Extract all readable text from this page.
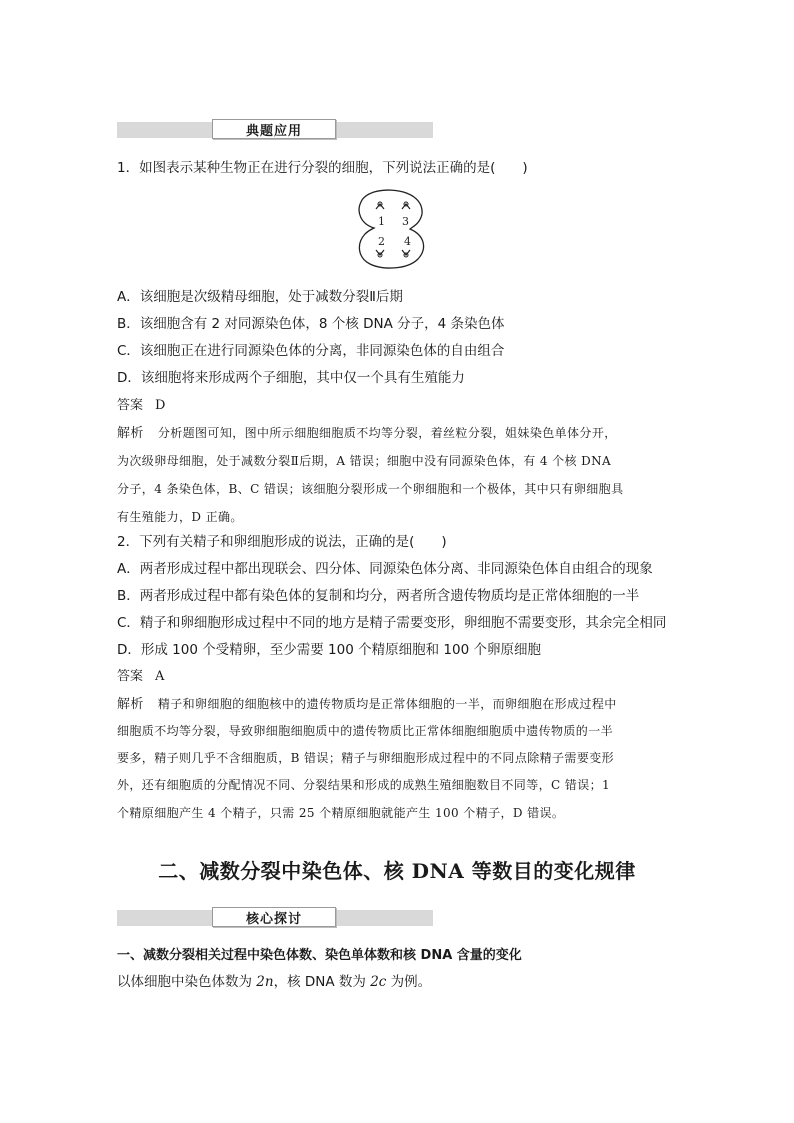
典题应用
1．如图表示某种生物正在进行分裂的细胞，下列说法正确的是(　　)
1 3
2 4
A．该细胞是次级精母细胞，处于减数分裂Ⅱ后期
B．该细胞含有 2 对同源染色体，8 个核 DNA 分子，4 条染色体
C．该细胞正在进行同源染色体的分离，非同源染色体的自由组合
D．该细胞将来形成两个子细胞，其中仅一个具有生殖能力
答案 D
解析 分析题图可知，图中所示细胞细胞质不均等分裂，着丝粒分裂，姐妹染色单体分开，
为次级卵母细胞，处于减数分裂Ⅱ后期，A 错误；细胞中没有同源染色体，有 4 个核 DNA
分子，4 条染色体，B、C 错误；该细胞分裂形成一个卵细胞和一个极体，其中只有卵细胞具
有生殖能力，D 正确。
2．下列有关精子和卵细胞形成的说法，正确的是(　　)
A．两者形成过程中都出现联会、四分体、同源染色体分离、非同源染色体自由组合的现象
B．两者形成过程中都有染色体的复制和均分，两者所含遗传物质均是正常体细胞的一半
C．精子和卵细胞形成过程中不同的地方是精子需要变形，卵细胞不需要变形，其余完全相同
D．形成 100 个受精卵，至少需要 100 个精原细胞和 100 个卵原细胞
答案 A
解析 精子和卵细胞的细胞核中的遗传物质均是正常体细胞的一半，而卵细胞在形成过程中
细胞质不均等分裂，导致卵细胞细胞质中的遗传物质比正常体细胞细胞质中遗传物质的一半
要多，精子则几乎不含细胞质，B 错误；精子与卵细胞形成过程中的不同点除精子需要变形
外，还有细胞质的分配情况不同、分裂结果和形成的成熟生殖细胞数目不同等，C 错误；1
个精原细胞产生 4 个精子，只需 25 个精原细胞就能产生 100 个精子，D 错误。
二、减数分裂中染色体、核 DNA 等数目的变化规律
核心探讨
一、减数分裂相关过程中染色体数、染色单体数和核 DNA 含量的变化
以体细胞中染色体数为 2n，核 DNA 数为 2c 为例。
